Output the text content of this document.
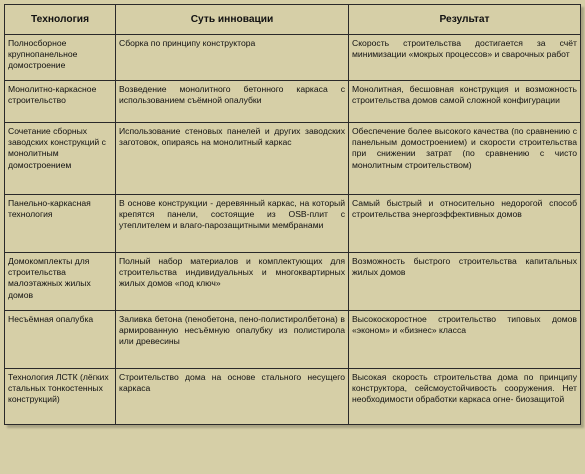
Технология	Суть инновации	Результат
Полносборное крупнопанельное домостроение	Сборка по принципу конструктора	Скорость строительства достигается за счёт минимизации «мокрых процессов» и сварочных работ
Монолитно-каркасное строительство	Возведение монолитного бетонного каркаса с использованием съёмной опалубки	Монолитная, бесшовная конструкция и возможность строительства домов самой сложной конфигурации
Сочетание сборных заводских конструкций с монолитным домостроением	Использование стеновых панелей и других заводских заготовок, опираясь на монолитный каркас	Обеспечение более высокого качества (по сравнению с панельным домостроением) и скорости строительства при снижении затрат (по сравнению с чисто монолитным строительством)
Панельно-каркасная технология	В основе конструкции - деревянный каркас, на который крепятся панели, состоящие из OSB-плит с утеплителем и влаго-парозащитными мембранами	Самый быстрый и относительно недорогой способ строительства энергоэффективных домов
Домокомплекты для строительства малоэтажных жилых домов	Полный набор материалов и комплектующих для строительства индивидуальных и многоквартирных жилых домов «под ключ»	Возможность быстрого строительства капитальных жилых домов
Несъёмная опалубка	Заливка бетона (пенобетона, пено-полистиролбетона) в армированную несъёмную опалубку из полистирола или древесины	Высокоскоростное строительство типовых домов «эконом» и «бизнес» класса
Технология ЛСТК (лёгких стальных тонкостенных конструкций)	Строительство дома на основе стального несущего каркаса	Высокая скорость строительства дома по принципу конструктора, сейсмоустойчивость сооружения. Нет необходимости обработки каркаса огне- биозащитой
